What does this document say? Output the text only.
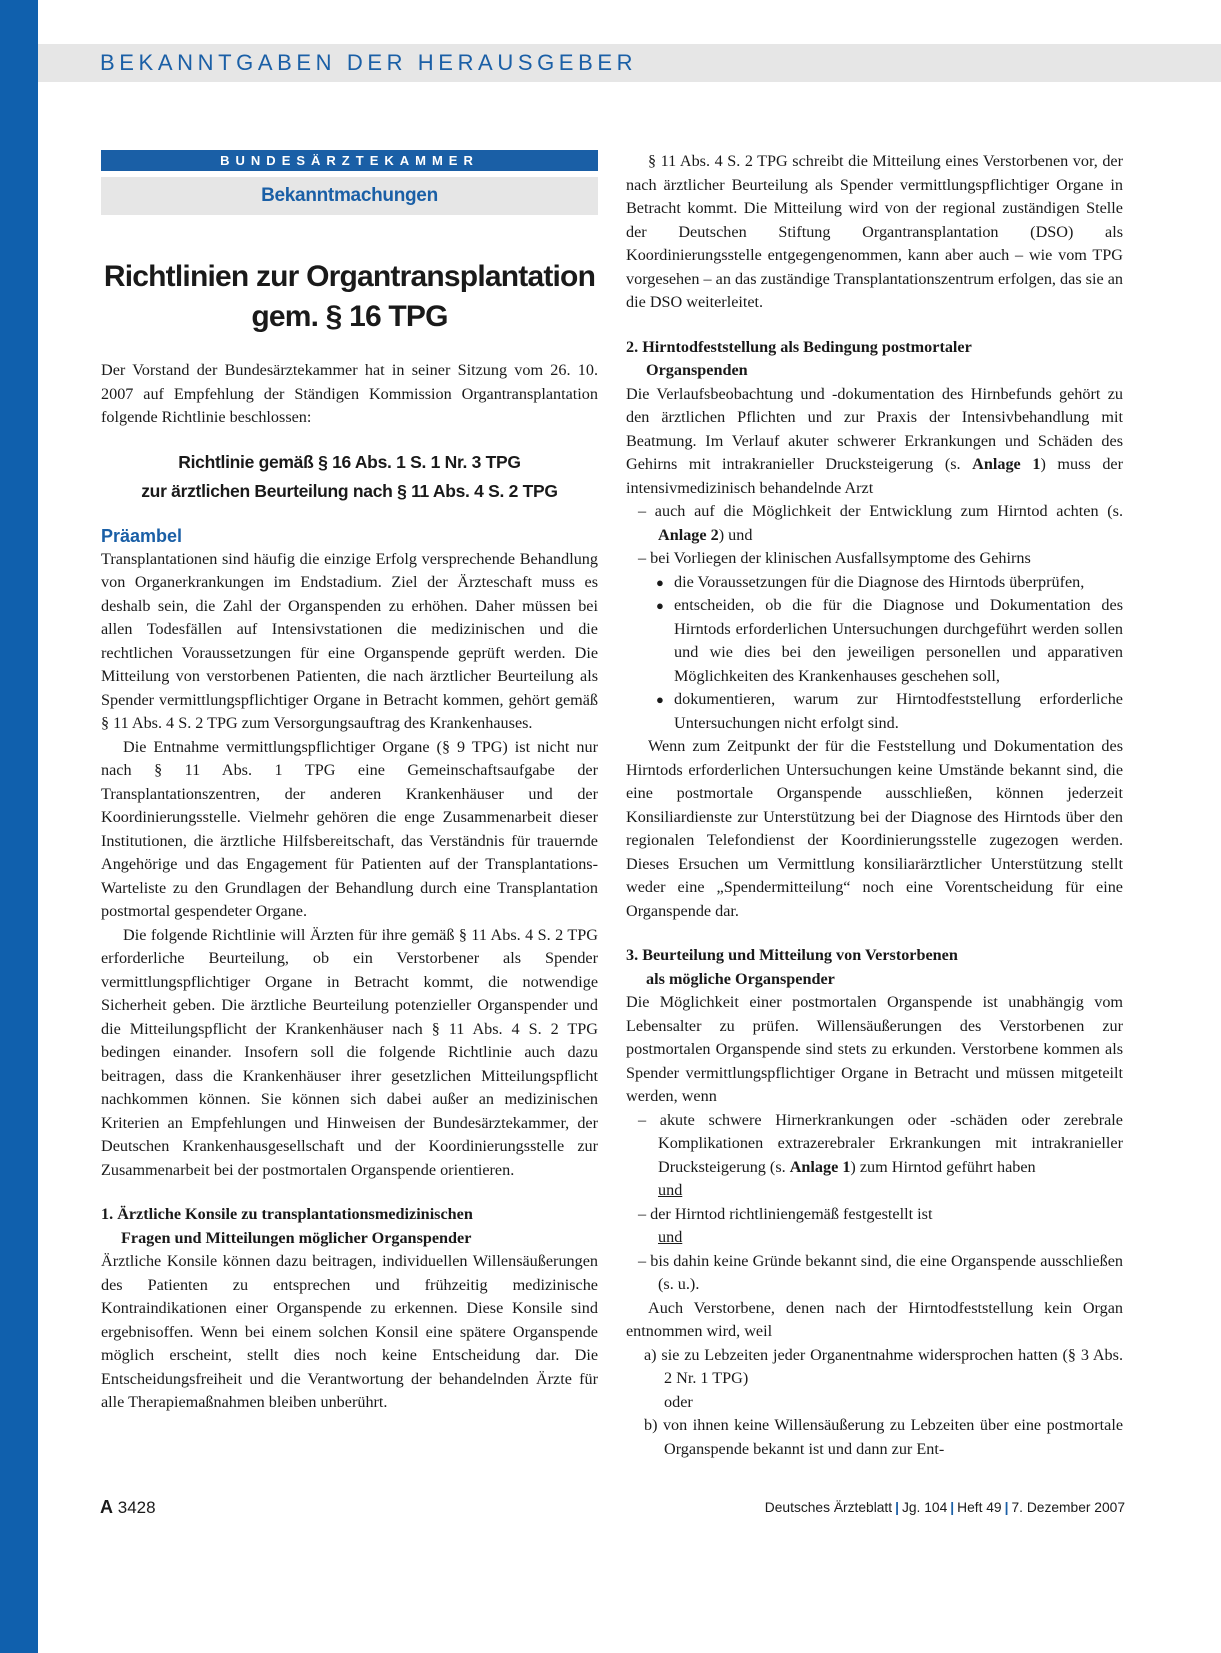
BEKANNTGABEN DER HERAUSGEBER
BUNDESÄRZTEKAMMER
Bekanntmachungen
Richtlinien zur Organtransplantation
gem. § 16 TPG

Der Vorstand der Bundesärztekammer hat in seiner Sitzung vom 26. 10. 2007 auf Empfehlung der Ständigen Kommission Organtransplantation folgende Richtlinie beschlossen:

Richtlinie gemäß § 16 Abs. 1 S. 1 Nr. 3 TPG
zur ärztlichen Beurteilung nach § 11 Abs. 4 S. 2 TPG
Präambel

Transplantationen sind häufig die einzige Erfolg versprechende Behandlung von Organerkrankungen im Endstadium. Ziel der Ärzteschaft muss es deshalb sein, die Zahl der Organspenden zu erhöhen. Daher müssen bei allen Todesfällen auf Intensivstationen die medizinischen und die rechtlichen Voraussetzungen für eine Organspende geprüft werden. Die Mitteilung von verstorbenen Patienten, die nach ärztlicher Beurteilung als Spender vermittlungspflichtiger Organe in Betracht kommen, gehört gemäß § 11 Abs. 4 S. 2 TPG zum Versorgungsauftrag des Krankenhauses.

Die Entnahme vermittlungspflichtiger Organe (§ 9 TPG) ist nicht nur nach § 11 Abs. 1 TPG eine Gemeinschaftsaufgabe der Transplantationszentren, der anderen Krankenhäuser und der Koordinierungsstelle. Vielmehr gehören die enge Zusammenarbeit dieser Institutionen, die ärztliche Hilfsbereitschaft, das Verständnis für trauernde Angehörige und das Engagement für Patienten auf der Transplantations-Warteliste zu den Grundlagen der Behandlung durch eine Transplantation postmortal gespendeter Organe.

Die folgende Richtlinie will Ärzten für ihre gemäß § 11 Abs. 4 S. 2 TPG erforderliche Beurteilung, ob ein Verstorbener als Spender vermittlungspflichtiger Organe in Betracht kommt, die notwendige Sicherheit geben. Die ärztliche Beurteilung potenzieller Organspender und die Mitteilungspflicht der Krankenhäuser nach § 11 Abs. 4 S. 2 TPG bedingen einander. Insofern soll die folgende Richtlinie auch dazu beitragen, dass die Krankenhäuser ihrer gesetzlichen Mitteilungspflicht nachkommen können. Sie können sich dabei außer an medizinischen Kriterien an Empfehlungen und Hinweisen der Bundesärztekammer, der Deutschen Krankenhausgesellschaft und der Koordinierungsstelle zur Zusammenarbeit bei der postmortalen Organspende orientieren.

1. Ärztliche Konsile zu transplantationsmedizinischen
Fragen und Mitteilungen möglicher Organspender

Ärztliche Konsile können dazu beitragen, individuellen Willensäußerungen des Patienten zu entsprechen und frühzeitig medizinische Kontraindikationen einer Organspende zu erkennen. Diese Konsile sind ergebnisoffen. Wenn bei einem solchen Konsil eine spätere Organspende möglich erscheint, stellt dies noch keine Entscheidung dar. Die Entscheidungsfreiheit und die Verantwortung der behandelnden Ärzte für alle Therapiemaßnahmen bleiben unberührt.

§ 11 Abs. 4 S. 2 TPG schreibt die Mitteilung eines Verstorbenen vor, der nach ärztlicher Beurteilung als Spender vermittlungspflichtiger Organe in Betracht kommt. Die Mitteilung wird von der regional zuständigen Stelle der Deutschen Stiftung Organtransplantation (DSO) als Koordinierungsstelle entgegengenommen, kann aber auch – wie vom TPG vorgesehen – an das zuständige Transplantationszentrum erfolgen, das sie an die DSO weiterleitet.

2. Hirntodfeststellung als Bedingung postmortaler
Organspenden

Die Verlaufsbeobachtung und -dokumentation des Hirnbefunds gehört zu den ärztlichen Pflichten und zur Praxis der Intensivbehandlung mit Beatmung. Im Verlauf akuter schwerer Erkrankungen und Schäden des Gehirns mit intrakranieller Drucksteigerung (s. Anlage 1) muss der intensivmedizinisch behandelnde Arzt

– auch auf die Möglichkeit der Entwicklung zum Hirntod achten (s. Anlage 2) und

– bei Vorliegen der klinischen Ausfallsymptome des Gehirns

● die Voraussetzungen für die Diagnose des Hirntods überprüfen,

● entscheiden, ob die für die Diagnose und Dokumentation des Hirntods erforderlichen Untersuchungen durchgeführt werden sollen und wie dies bei den jeweiligen personellen und apparativen Möglichkeiten des Krankenhauses geschehen soll,

● dokumentieren, warum zur Hirntodfeststellung erforderliche Untersuchungen nicht erfolgt sind.

Wenn zum Zeitpunkt der für die Feststellung und Dokumentation des Hirntods erforderlichen Untersuchungen keine Umstände bekannt sind, die eine postmortale Organspende ausschließen, können jederzeit Konsiliardienste zur Unterstützung bei der Diagnose des Hirntods über den regionalen Telefondienst der Koordinierungsstelle zugezogen werden. Dieses Ersuchen um Vermittlung konsiliarärztlicher Unterstützung stellt weder eine „Spendermitteilung“ noch eine Vorentscheidung für eine Organspende dar.

3. Beurteilung und Mitteilung von Verstorbenen
als mögliche Organspender

Die Möglichkeit einer postmortalen Organspende ist unabhängig vom Lebensalter zu prüfen. Willensäußerungen des Verstorbenen zur postmortalen Organspende sind stets zu erkunden. Verstorbene kommen als Spender vermittlungspflichtiger Organe in Betracht und müssen mitgeteilt werden, wenn

– akute schwere Hirnerkrankungen oder -schäden oder zerebrale Komplikationen extrazerebraler Erkrankungen mit intrakranieller Drucksteigerung (s. Anlage 1) zum Hirntod geführt haben

und

– der Hirntod richtliniengemäß festgestellt ist

und

– bis dahin keine Gründe bekannt sind, die eine Organspende ausschließen (s. u.).

Auch Verstorbene, denen nach der Hirntodfeststellung kein Organ entnommen wird, weil

a) sie zu Lebzeiten jeder Organentnahme widersprochen hatten (§ 3 Abs. 2 Nr. 1 TPG)

oder

b) von ihnen keine Willensäußerung zu Lebzeiten über eine postmortale Organspende bekannt ist und dann zur Ent-

A 3428	Deutsches Ärzteblatt | Jg. 104 | Heft 49 | 7. Dezember 2007
